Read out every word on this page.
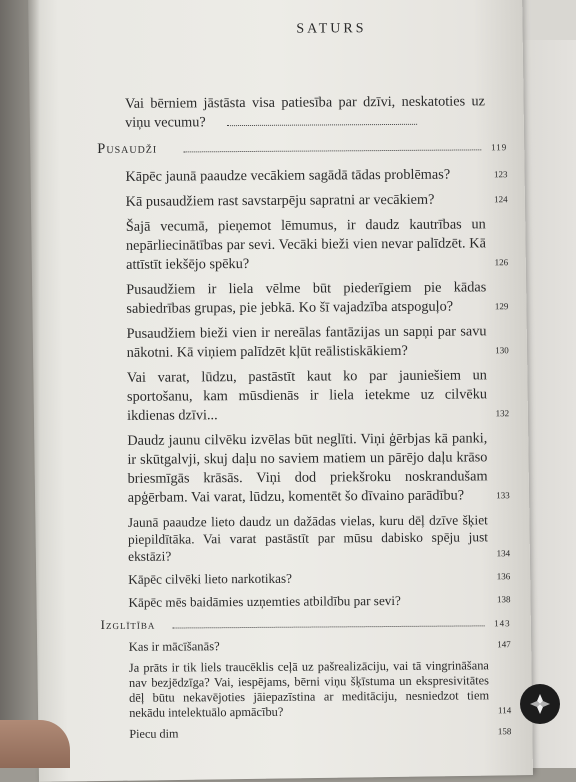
SATURS
Vai bērniem jāstāsta visa patiesība par dzīvi, neskatoties uz viņu vecumu?
Pusaudži	119
Kāpēc jaunā paaudze vecākiem sagādā tādas problēmas?	123
Kā pusaudžiem rast savstarpēju sapratni ar vecākiem?	124
Šajā vecumā, pieņemot lēmumus, ir daudz kautrības un nepārliecinātības par sevi. Vecāki bieži vien nevar palīdzēt. Kā attīstīt iekšējo spēku?	126
Pusaudžiem ir liela vēlme būt piederīgiem pie kādas sabiedrības grupas, pie jebkā. Ko šī vajadzība atspoguļo?	129
Pusaudžiem bieži vien ir nereālas fantāzijas un sapņi par savu nākotni. Kā viņiem palīdzēt kļūt reālistiskākiem?	130
Vai varat, lūdzu, pastāstīt kaut ko par jauniešiem un sportošanu, kam mūsdienās ir liela ietekme uz cilvēku ikdienas dzīvi...	132
Daudz jaunu cilvēku izvēlas būt neglīti. Viņi ģērbjas kā panki, ir skūtgalvji, skuj daļu no saviem matiem un pārējo daļu krāso briesmīgās krāsās. Viņi dod priekšroku noskrandušam apģērbam. Vai varat, lūdzu, komentēt šo dīvaino parādību?	133
Jaunā paaudze lieto daudz un dažādas vielas, kuru dēļ dzīve šķiet piepildītāka. Vai varat pastāstīt par mūsu dabisko spēju just ekstāzi?	134
Kāpēc cilvēki lieto narkotikas?	136
Kāpēc mēs baidāmies uzņemties atbildību par sevi?	138
Izglītība	143
Kas ir mācīšanās?	147
Ja prāts ir tik liels traucēklis ceļā uz pašrealizāciju, vai tā vingrināšana nav bezjēdzīga? Vai, iespējams, bērni viņu šķīstuma un ekspresivitātes dēļ būtu nekavējoties jāiepazīstina ar meditāciju, nesniedzot tiem nekādu intelektuālo apmācību?	114
Piecu dim	158
